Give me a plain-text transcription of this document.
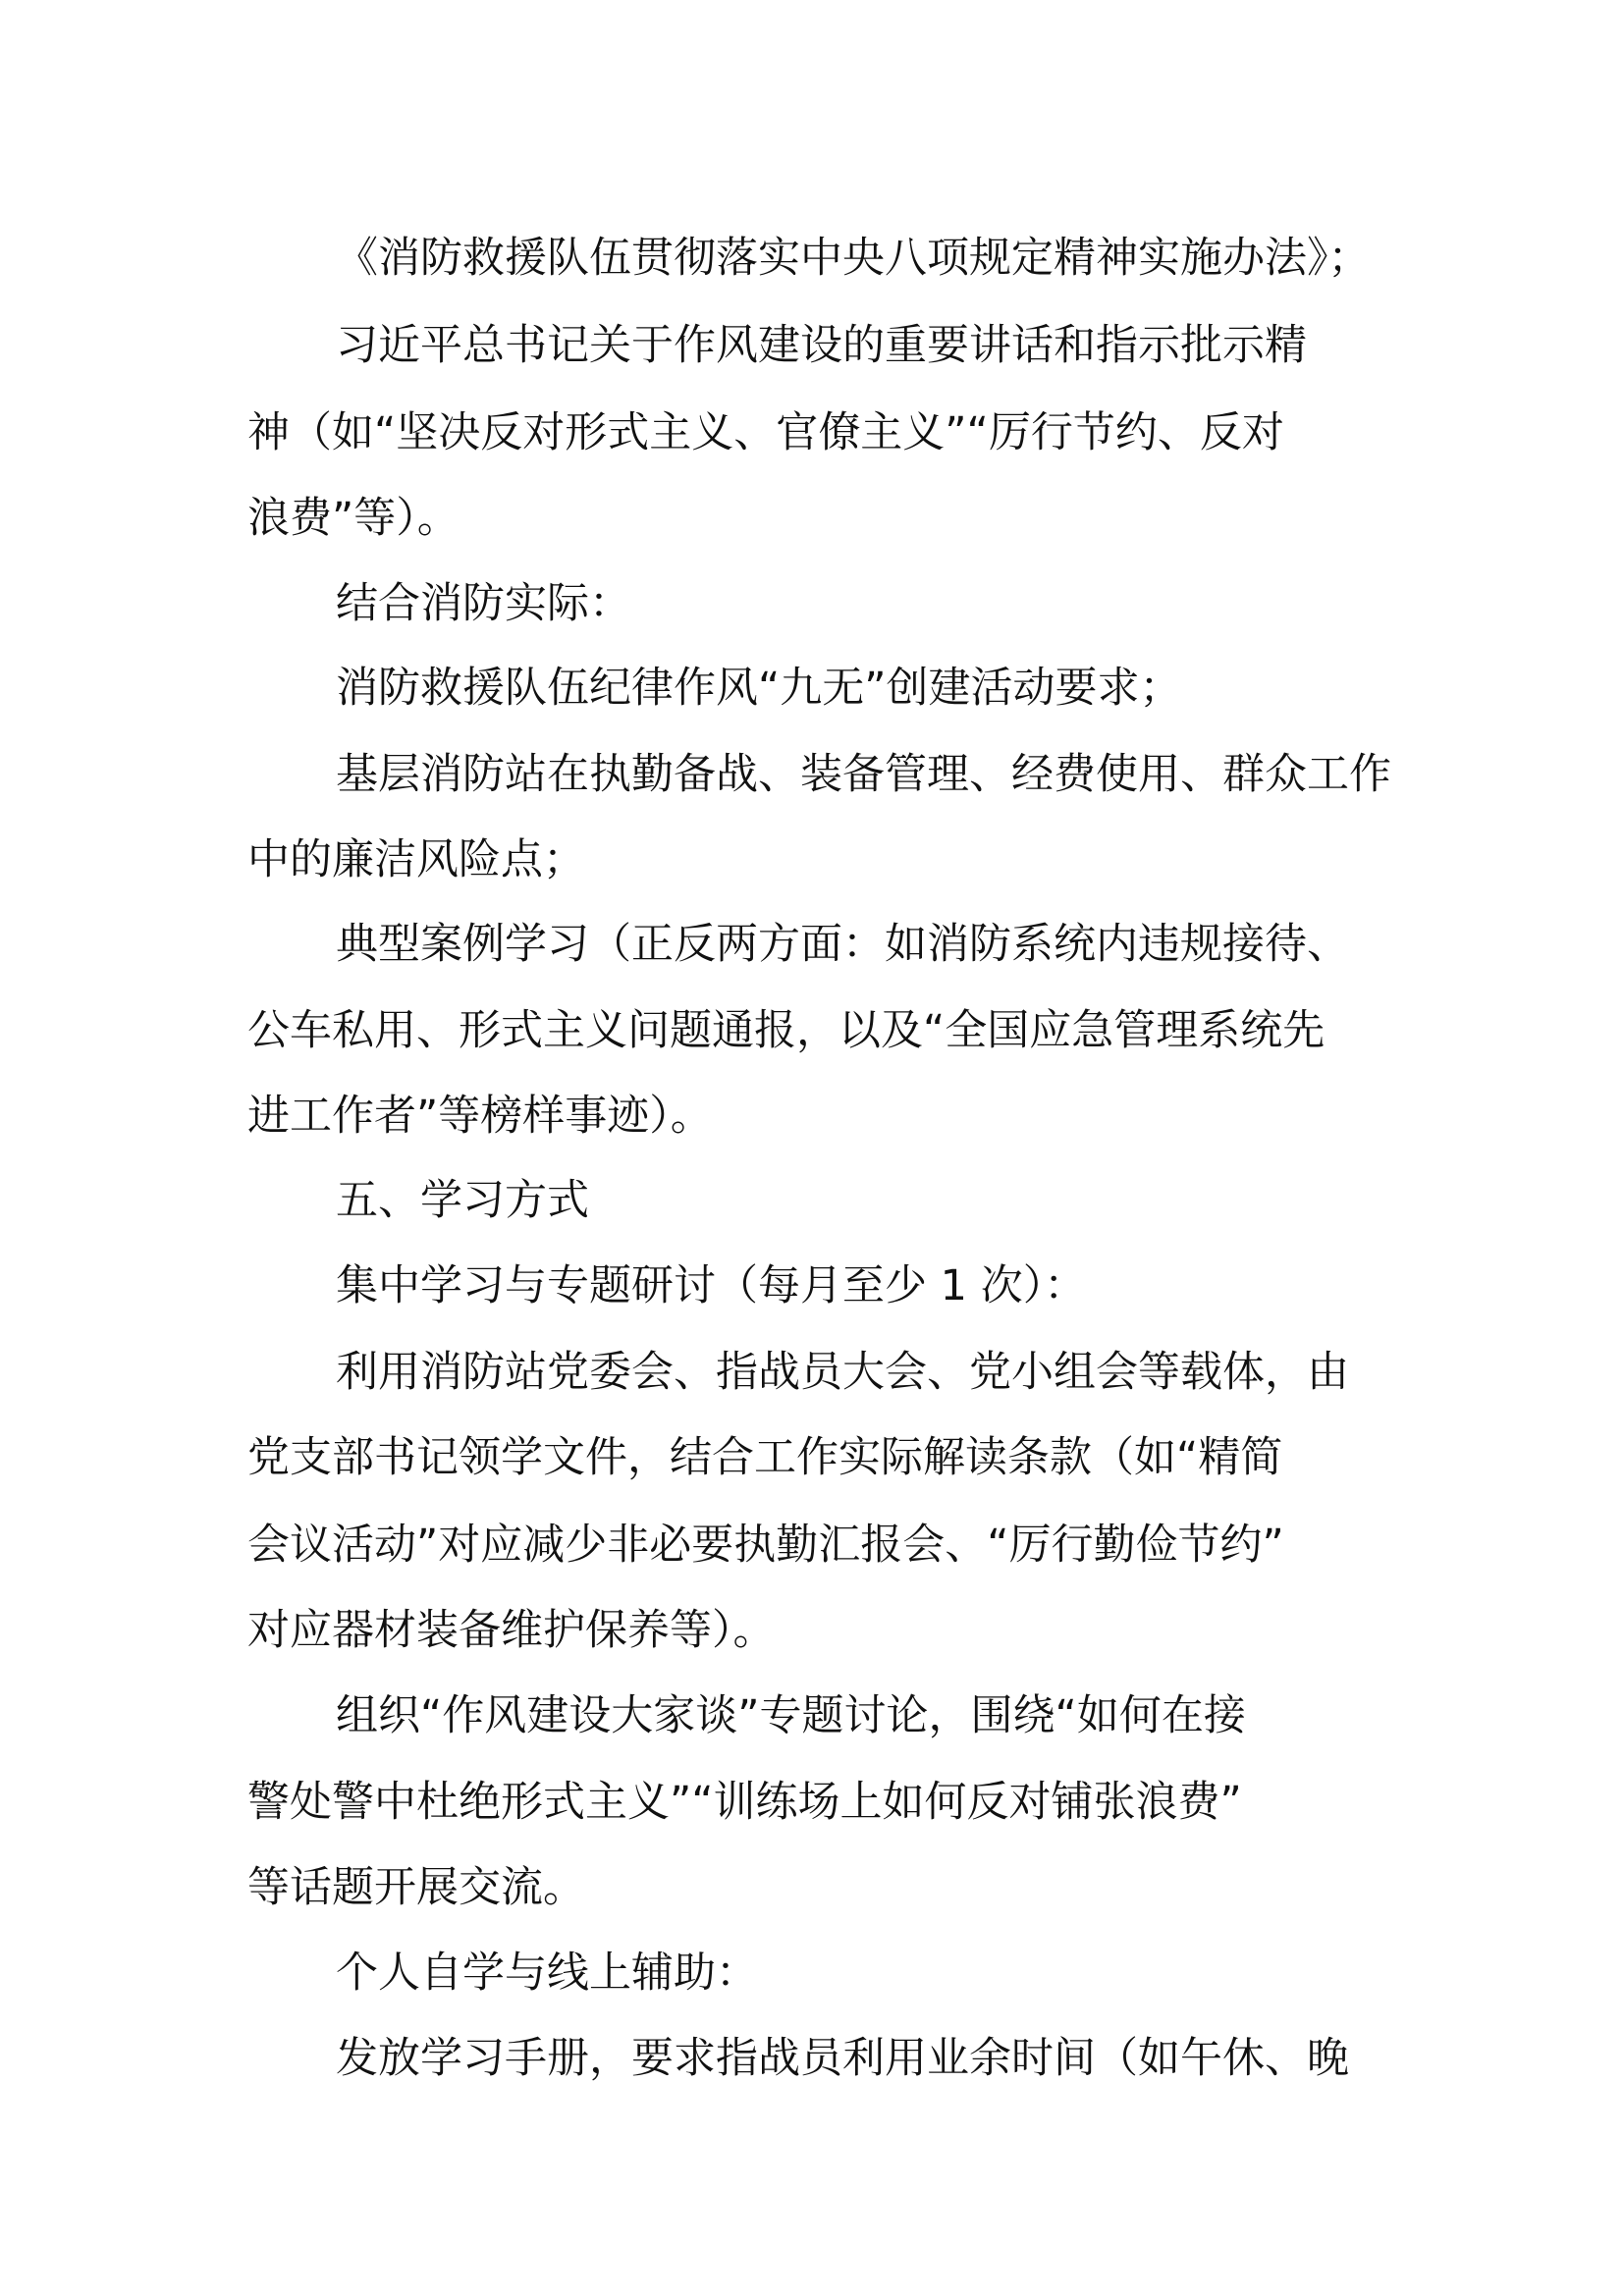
《消防救援队伍贯彻落实中央八项规定精神实施办法》；
习近平总书记关于作风建设的重要讲话和指示批示精
神（如“坚决反对形式主义、官僚主义”“厉行节约、反对
浪费”等）。
结合消防实际：
消防救援队伍纪律作风“九无”创建活动要求；
基层消防站在执勤备战、装备管理、经费使用、群众工作
中的廉洁风险点；
典型案例学习（正反两方面：如消防系统内违规接待、
公车私用、形式主义问题通报，以及“全国应急管理系统先
进工作者”等榜样事迹）。
五、学习方式
集中学习与专题研讨（每月至少 1 次）：
利用消防站党委会、指战员大会、党小组会等载体，由
党支部书记领学文件，结合工作实际解读条款（如“精简
会议活动”对应减少非必要执勤汇报会、“厉行勤俭节约”
对应器材装备维护保养等）。
组织“作风建设大家谈”专题讨论，围绕“如何在接
警处警中杜绝形式主义”“训练场上如何反对铺张浪费”
等话题开展交流。
个人自学与线上辅助：
发放学习手册，要求指战员利用业余时间（如午休、晚
